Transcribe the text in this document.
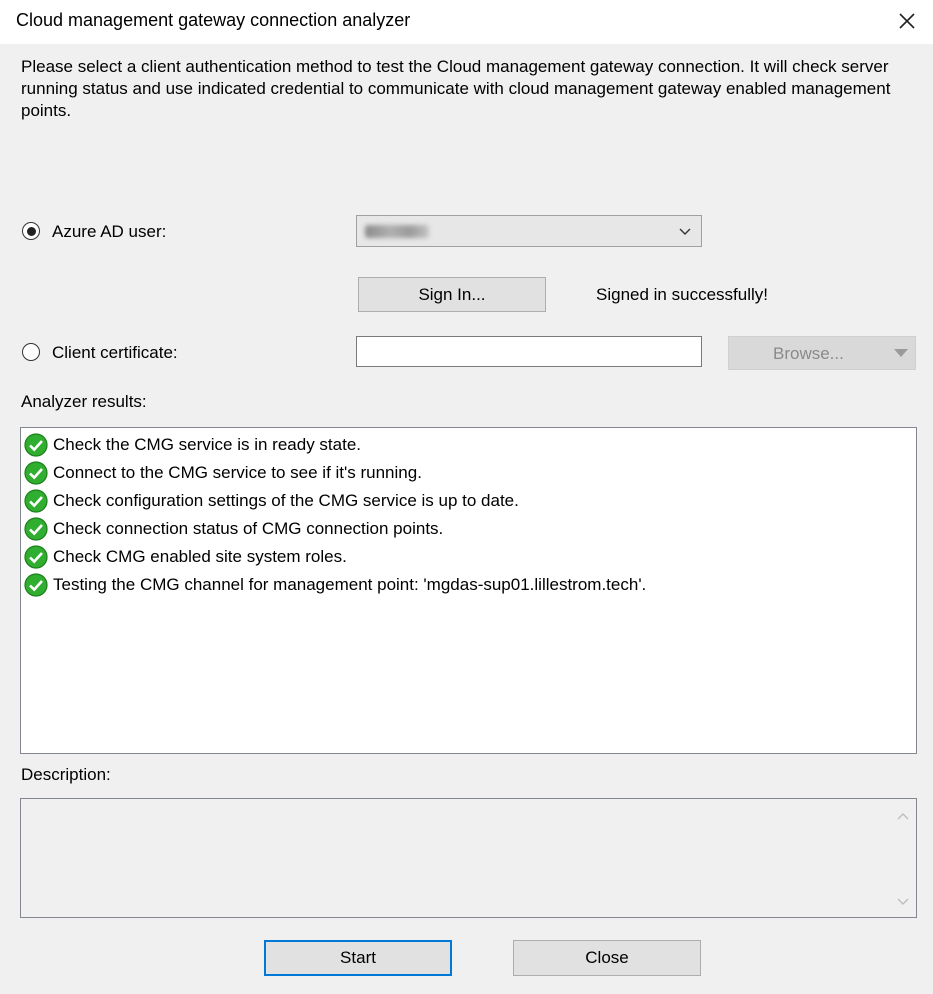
Cloud management gateway connection analyzer
Please select a client authentication method to test the Cloud management gateway connection. It will check server running status and use indicated credential to communicate with cloud management gateway enabled management points.
Azure AD user:
Sign In...	Signed in successfully!
Client certificate:	Browse...
Analyzer results:
Check the CMG service is in ready state.
Connect to the CMG service to see if it's running.
Check configuration settings of the CMG service is up to date.
Check connection status of CMG connection points.
Check CMG enabled site system roles.
Testing the CMG channel for management point: 'mgdas-sup01.lillestrom.tech'.
Description:
Start	Close
